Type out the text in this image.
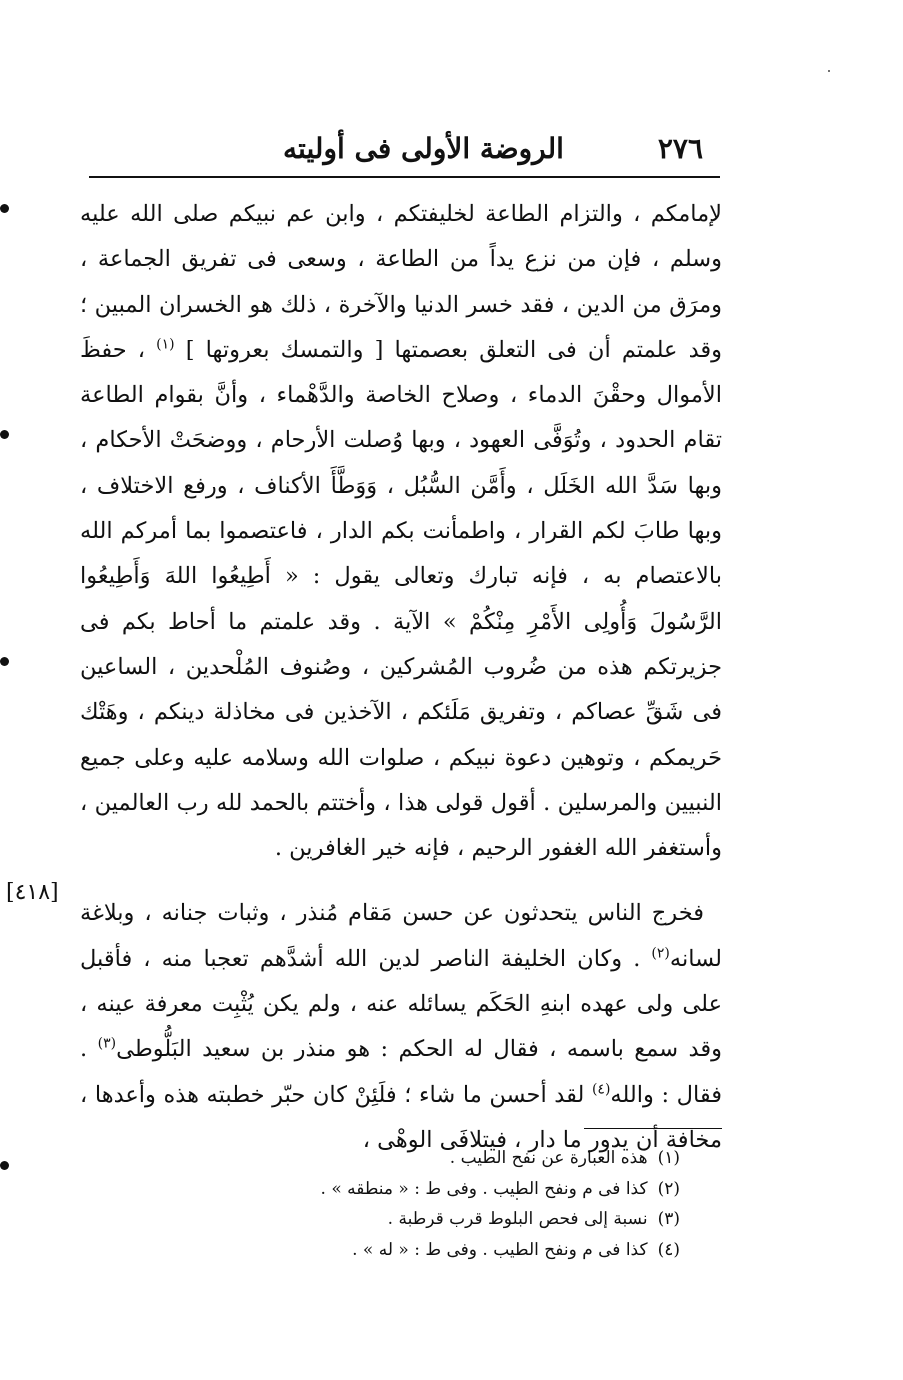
٢٧٦
الروضة الأولى فى أوليته

لإمامكم ، والتزام الطاعة لخليفتكم ، وابن عم نبيكم صلى الله عليه وسلم ، فإن من نزع يداً من الطاعة ، وسعى فى تفريق الجماعة ، ومرَق من الدين ، فقد خسر الدنيا والآخرة ، ذلك هو الخسران المبين ؛ وقد علمتم أن فى التعلق بعصمتها [ والتمسك بعروتها ] $^{(١)}$ ، حفظَ الأموال وحقْنَ الدماء ، وصلاح الخاصة والدَّهْماء ، وأنَّ بقوام الطاعة تقام الحدود ، وتُوَفَّى العهود ، وبها وُصلت الأرحام ، ووضحَتْ الأحكام ، وبها سَدَّ الله الخَلَل ، وأَمَّن السُّبُل ، وَوَطَّأَ الأكناف ، ورفع الاختلاف ، وبها طابَ لكم القرار ، واطمأنت بكم الدار ، فاعتصموا بما أمركم الله بالاعتصام به ، فإنه تبارك وتعالى يقول : « أَطِيعُوا اللهَ وَأَطِيعُوا الرَّسُولَ وَأُولِى الأَمْرِ مِنْكُمْ » الآية . وقد علمتم ما أحاط بكم فى جزيرتكم هذه من ضُروب المُشركين ، وصُنوف المُلْحدين ، الساعين فى شَقِّ عصاكم ، وتفريق مَلَئكم ، الآخذين فى مخاذلة دينكم ، وهَتْك حَريمكم ، وتوهين دعوة نبيكم ، صلوات الله وسلامه عليه وعلى جميع النبيين والمرسلين . أقول قولى هذا ، وأختتم بالحمد لله رب العالمين ، وأستغفر الله الغفور الرحيم ، فإنه خير الغافرين .

فخرج الناس يتحدثون عن حسن مَقام مُنذر ، وثبات جنانه ، وبلاغة لسانه$^{(٢)}$ . وكان الخليفة الناصر لدين الله أشدَّهم تعجبا منه ، فأقبل على ولى عهده ابنهِ الحَكَم يسائله عنه ، ولم يكن يُثْبِت معرفة عينه ، وقد سمع باسمه ، فقال له الحكم : هو منذر بن سعيد البَلُّوطى$^{(٣)}$ . فقال : والله$^{(٤)}$ لقد أحسن ما شاء ؛ فلَئِنْ كان حبّر خطبته هذه وأعدها ، مخافة أن يدور ما دار ، فيتلافَى الوهْى ،

[٤١٨]
(١)هذه العبارة عن نفح الطيب .
(٢)كذا فى م ونفح الطيب . وفى ط : « منطقه » .
(٣)نسبة إلى فحص البلوط قرب قرطبة .
(٤)كذا فى م ونفح الطيب . وفى ط : « له » .
